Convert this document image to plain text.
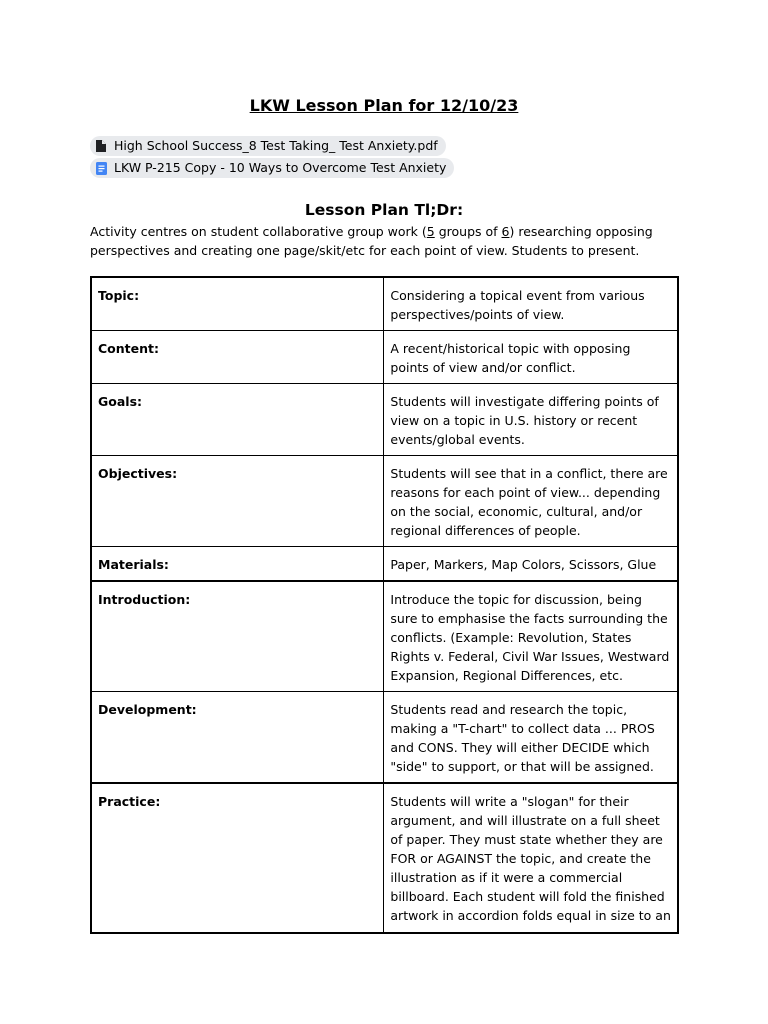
LKW Lesson Plan for 12/10/23
High School Success_8 Test Taking_ Test Anxiety.pdf
LKW P-215 Copy - 10 Ways to Overcome Test Anxiety
Lesson Plan Tl;Dr:
Activity centres on student collaborative group work (5 groups of 6) researching opposing perspectives and creating one page/skit/etc for each point of view. Students to present.
Topic:	Considering a topical event from various perspectives/points of view.
Content:	A recent/historical topic with opposing points of view and/or conflict.
Goals:	Students will investigate differing points of view on a topic in U.S. history or recent events/global events.
Objectives:	Students will see that in a conflict, there are reasons for each point of view... depending on the social, economic, cultural, and/or regional differences of people.
Materials:	Paper, Markers, Map Colors, Scissors, Glue
Introduction:	Introduce the topic for discussion, being sure to emphasise the facts surrounding the conflicts. (Example: Revolution, States Rights v. Federal, Civil War Issues, Westward Expansion, Regional Differences, etc.
Development:	Students read and research the topic, making a "T-chart" to collect data ... PROS and CONS. They will either DECIDE which "side" to support, or that will be assigned.
Practice:	Students will write a "slogan" for their argument, and will illustrate on a full sheet of paper. They must state whether they are FOR or AGAINST the topic, and create the illustration as if it were a commercial billboard. Each student will fold the finished artwork in accordion folds equal in size to an
